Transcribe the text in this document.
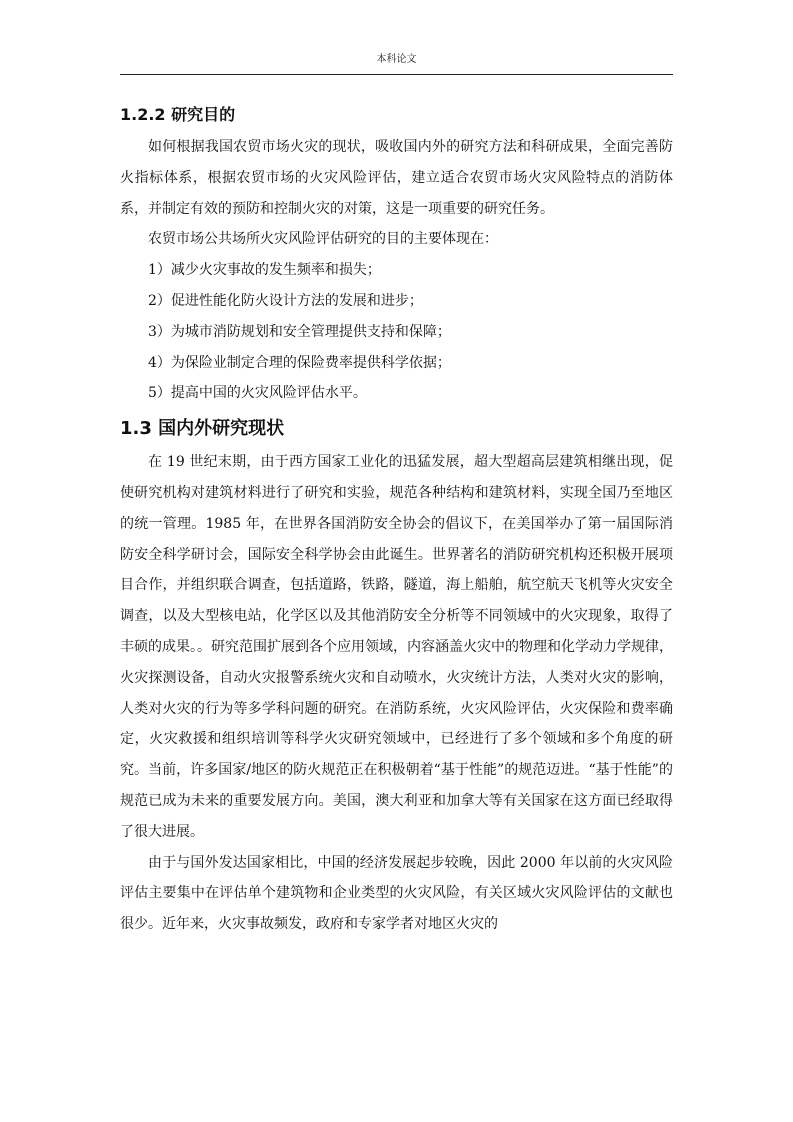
本科论文
1.2.2 研究目的

如何根据我国农贸市场火灾的现状，吸收国内外的研究方法和科研成果，全面完善防火指标体系，根据农贸市场的火灾风险评估，建立适合农贸市场火灾风险特点的消防体系，并制定有效的预防和控制火灾的对策，这是一项重要的研究任务。

农贸市场公共场所火灾风险评估研究的目的主要体现在：

1）减少火灾事故的发生频率和损失；

2）促进性能化防火设计方法的发展和进步；

3）为城市消防规划和安全管理提供支持和保障；

4）为保险业制定合理的保险费率提供科学依据；

5）提高中国的火灾风险评估水平。

1.3 国内外研究现状

在 19 世纪末期，由于西方国家工业化的迅猛发展，超大型超高层建筑相继出现，促使研究机构对建筑材料进行了研究和实验，规范各种结构和建筑材料，实现全国乃至地区的统一管理。1985 年，在世界各国消防安全协会的倡议下，在美国举办了第一届国际消防安全科学研讨会，国际安全科学协会由此诞生。世界著名的消防研究机构还积极开展项目合作，并组织联合调查，包括道路，铁路，隧道，海上船舶，航空航天飞机等火灾安全调查，以及大型核电站，化学区以及其他消防安全分析等不同领域中的火灾现象，取得了丰硕的成果。。研究范围扩展到各个应用领域，内容涵盖火灾中的物理和化学动力学规律，火灾探测设备，自动火灾报警系统火灾和自动喷水，火灾统计方法，人类对火灾的影响，人类对火灾的行为等多学科问题的研究。在消防系统，火灾风险评估，火灾保险和费率确定，火灾救援和组织培训等科学火灾研究领域中，已经进行了多个领域和多个角度的研究。当前，许多国家/地区的防火规范正在积极朝着“基于性能”的规范迈进。“基于性能”的规范已成为未来的重要发展方向。美国，澳大利亚和加拿大等有关国家在这方面已经取得了很大进展。

由于与国外发达国家相比，中国的经济发展起步较晚，因此 2000 年以前的火灾风险评估主要集中在评估单个建筑物和企业类型的火灾风险，有关区域火灾风险评估的文献也很少。近年来，火灾事故频发，政府和专家学者对地区火灾的
